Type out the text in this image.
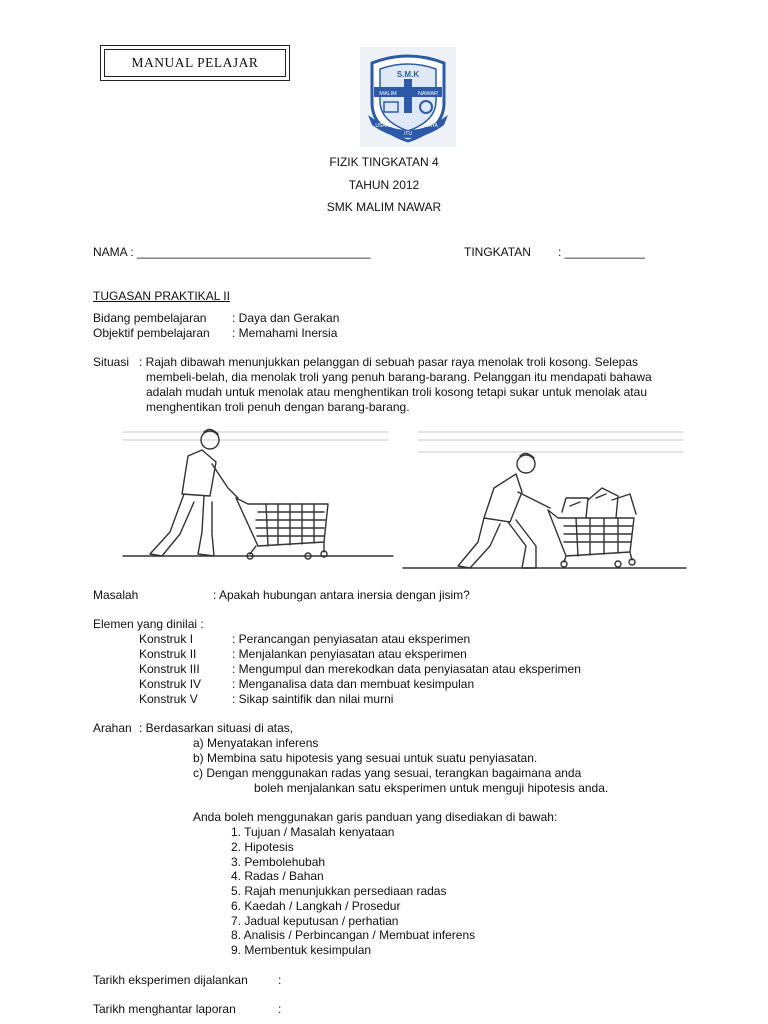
MANUAL PELAJAR
S.M.K
MALIM	NAWAR
USAHA
ITU
JAYA
FIZIK TINGKATAN 4
TAHUN 2012
SMK MALIM NAWAR
NAMA : ___________________________________	TINGKATAN : ____________
TUGASAN PRAKTIKAL II
Bidang pembelajaran : Daya dan Gerakan
Objektif pembelajaran : Memahami Inersia
Situasi : Rajah dibawah menunjukkan pelanggan di sebuah pasar raya menolak troli kosong. Selepas
membeli-belah, dia menolak troli yang penuh barang-barang. Pelanggan itu mendapati bahawa
adalah mudah untuk menolak atau menghentikan troli kosong tetapi sukar untuk menolak atau
menghentikan troli penuh dengan barang-barang.
Masalah	: Apakah hubungan antara inersia dengan jisim?
Elemen yang dinilai :
Konstruk I	: Perancangan penyiasatan atau eksperimen
Konstruk II	: Menjalankan penyiasatan atau eksperimen
Konstruk III	: Mengumpul dan merekodkan data penyiasatan atau eksperimen
Konstruk IV	: Menganalisa data dan membuat kesimpulan
Konstruk V	: Sikap saintifik dan nilai murni
Arahan : Berdasarkan situasi di atas,
a) Menyatakan inferens
b) Membina satu hipotesis yang sesuai untuk suatu penyiasatan.
c) Dengan menggunakan radas yang sesuai, terangkan bagaimana anda
boleh menjalankan satu eksperimen untuk menguji hipotesis anda.
Anda boleh menggunakan garis panduan yang disediakan di bawah:
1. Tujuan / Masalah kenyataan
2. Hipotesis
3. Pembolehubah
4. Radas / Bahan
5. Rajah menunjukkan persediaan radas
6. Kaedah / Langkah / Prosedur
7. Jadual keputusan / perhatian
8. Analisis / Perbincangan / Membuat inferens
9. Membentuk kesimpulan
Tarikh eksperimen dijalankan	:
Tarikh menghantar laporan	:
